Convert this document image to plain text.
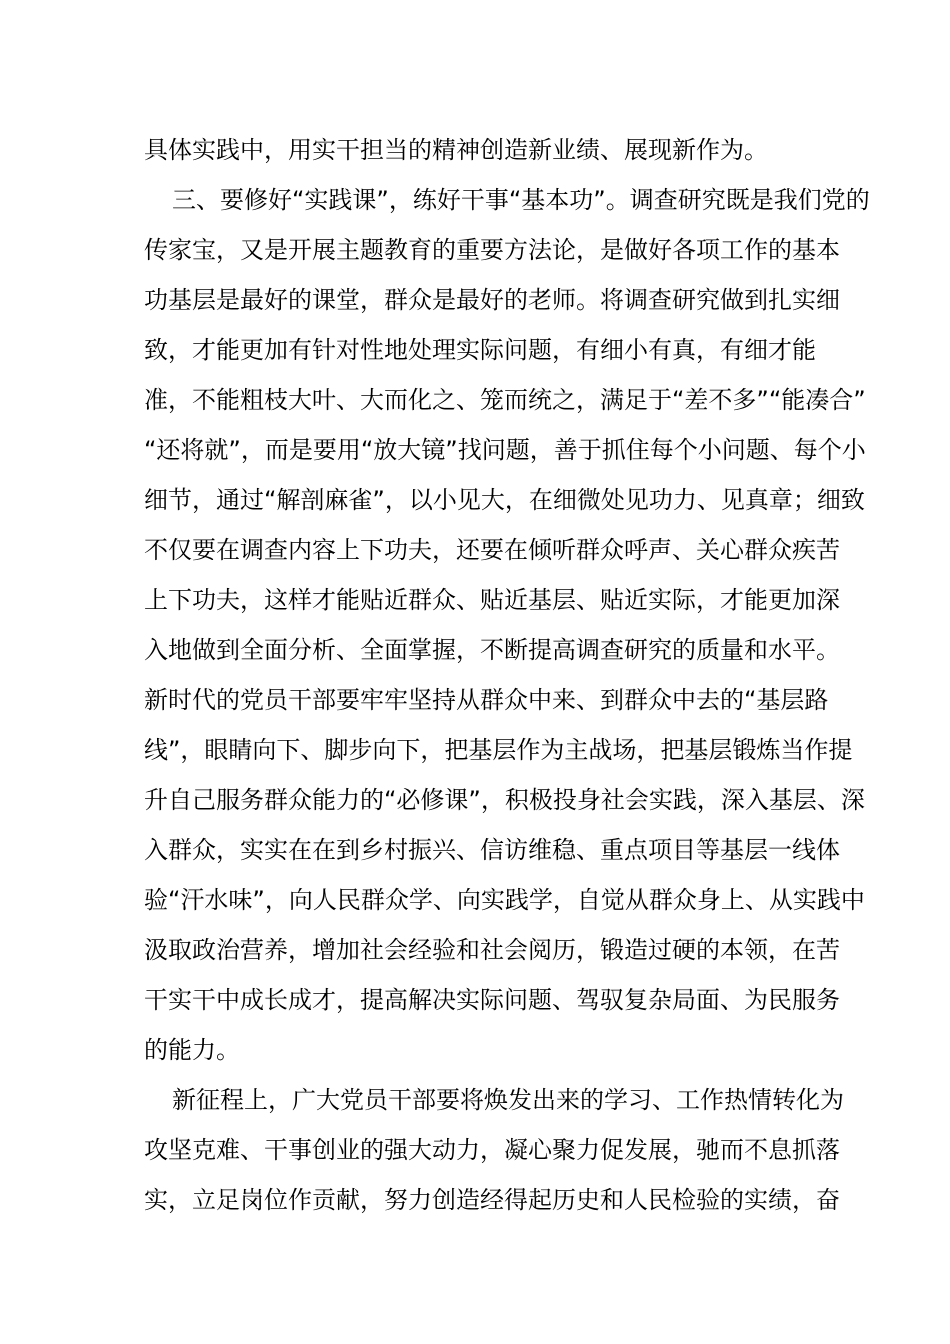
具体实践中，用实干担当的精神创造新业绩、展现新作为。
三、要修好“实践课”，练好干事“基本功”。调查研究既是我们党的
传家宝，又是开展主题教育的重要方法论，是做好各项工作的基本
功基层是最好的课堂，群众是最好的老师。将调查研究做到扎实细
致，才能更加有针对性地处理实际问题，有细小有真，有细才能
准，不能粗枝大叶、大而化之、笼而统之，满足于“差不多”“能凑合”
“还将就”，而是要用“放大镜”找问题，善于抓住每个小问题、每个小
细节，通过“解剖麻雀”，以小见大，在细微处见功力、见真章；细致
不仅要在调查内容上下功夫，还要在倾听群众呼声、关心群众疾苦
上下功夫，这样才能贴近群众、贴近基层、贴近实际，才能更加深
入地做到全面分析、全面掌握，不断提高调查研究的质量和水平。
新时代的党员干部要牢牢坚持从群众中来、到群众中去的“基层路
线”，眼睛向下、脚步向下，把基层作为主战场，把基层锻炼当作提
升自己服务群众能力的“必修课”，积极投身社会实践，深入基层、深
入群众，实实在在到乡村振兴、信访维稳、重点项目等基层一线体
验“汗水味”，向人民群众学、向实践学，自觉从群众身上、从实践中
汲取政治营养，增加社会经验和社会阅历，锻造过硬的本领，在苦
干实干中成长成才，提高解决实际问题、驾驭复杂局面、为民服务
的能力。
新征程上，广大党员干部要将焕发出来的学习、工作热情转化为
攻坚克难、干事创业的强大动力，凝心聚力促发展，驰而不息抓落
实，立足岗位作贡献，努力创造经得起历史和人民检验的实绩，奋
